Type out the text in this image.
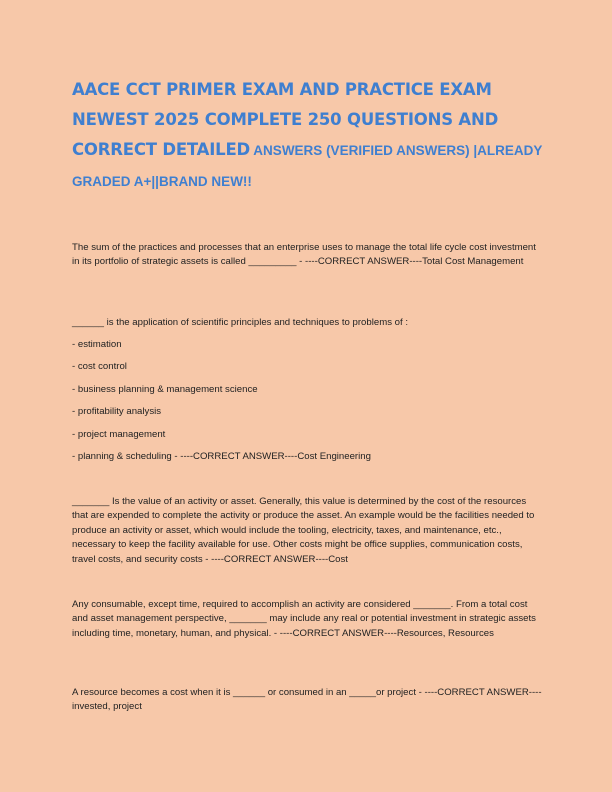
AACE CCT PRIMER EXAM AND PRACTICE EXAM NEWEST 2025 COMPLETE 250 QUESTIONS AND CORRECT DETAILED ANSWERS (VERIFIED ANSWERS) |ALREADY GRADED A+||BRAND NEW!!

The sum of the practices and processes that an enterprise uses to manage the total life cycle cost investment in its portfolio of strategic assets is called _________ - ----CORRECT ANSWER----Total Cost Management

______ is the application of scientific principles and techniques to problems of :

- estimation

- cost control

- business planning & management science

- profitability analysis

- project management

- planning & scheduling - ----CORRECT ANSWER----Cost Engineering

_______ Is the value of an activity or asset. Generally, this value is determined by the cost of the resources that are expended to complete the activity or produce the asset. An example would be the facilities needed to produce an activity or asset, which would include the tooling, electricity, taxes, and maintenance, etc., necessary to keep the facility available for use. Other costs might be office supplies, communication costs, travel costs, and security costs - ----CORRECT ANSWER----Cost

Any consumable, except time, required to accomplish an activity are considered _______. From a total cost and asset management perspective, _______ may include any real or potential investment in strategic assets including time, monetary, human, and physical. - ----CORRECT ANSWER----Resources, Resources

A resource becomes a cost when it is ______ or consumed in an _____or project - ----CORRECT ANSWER----invested, project
